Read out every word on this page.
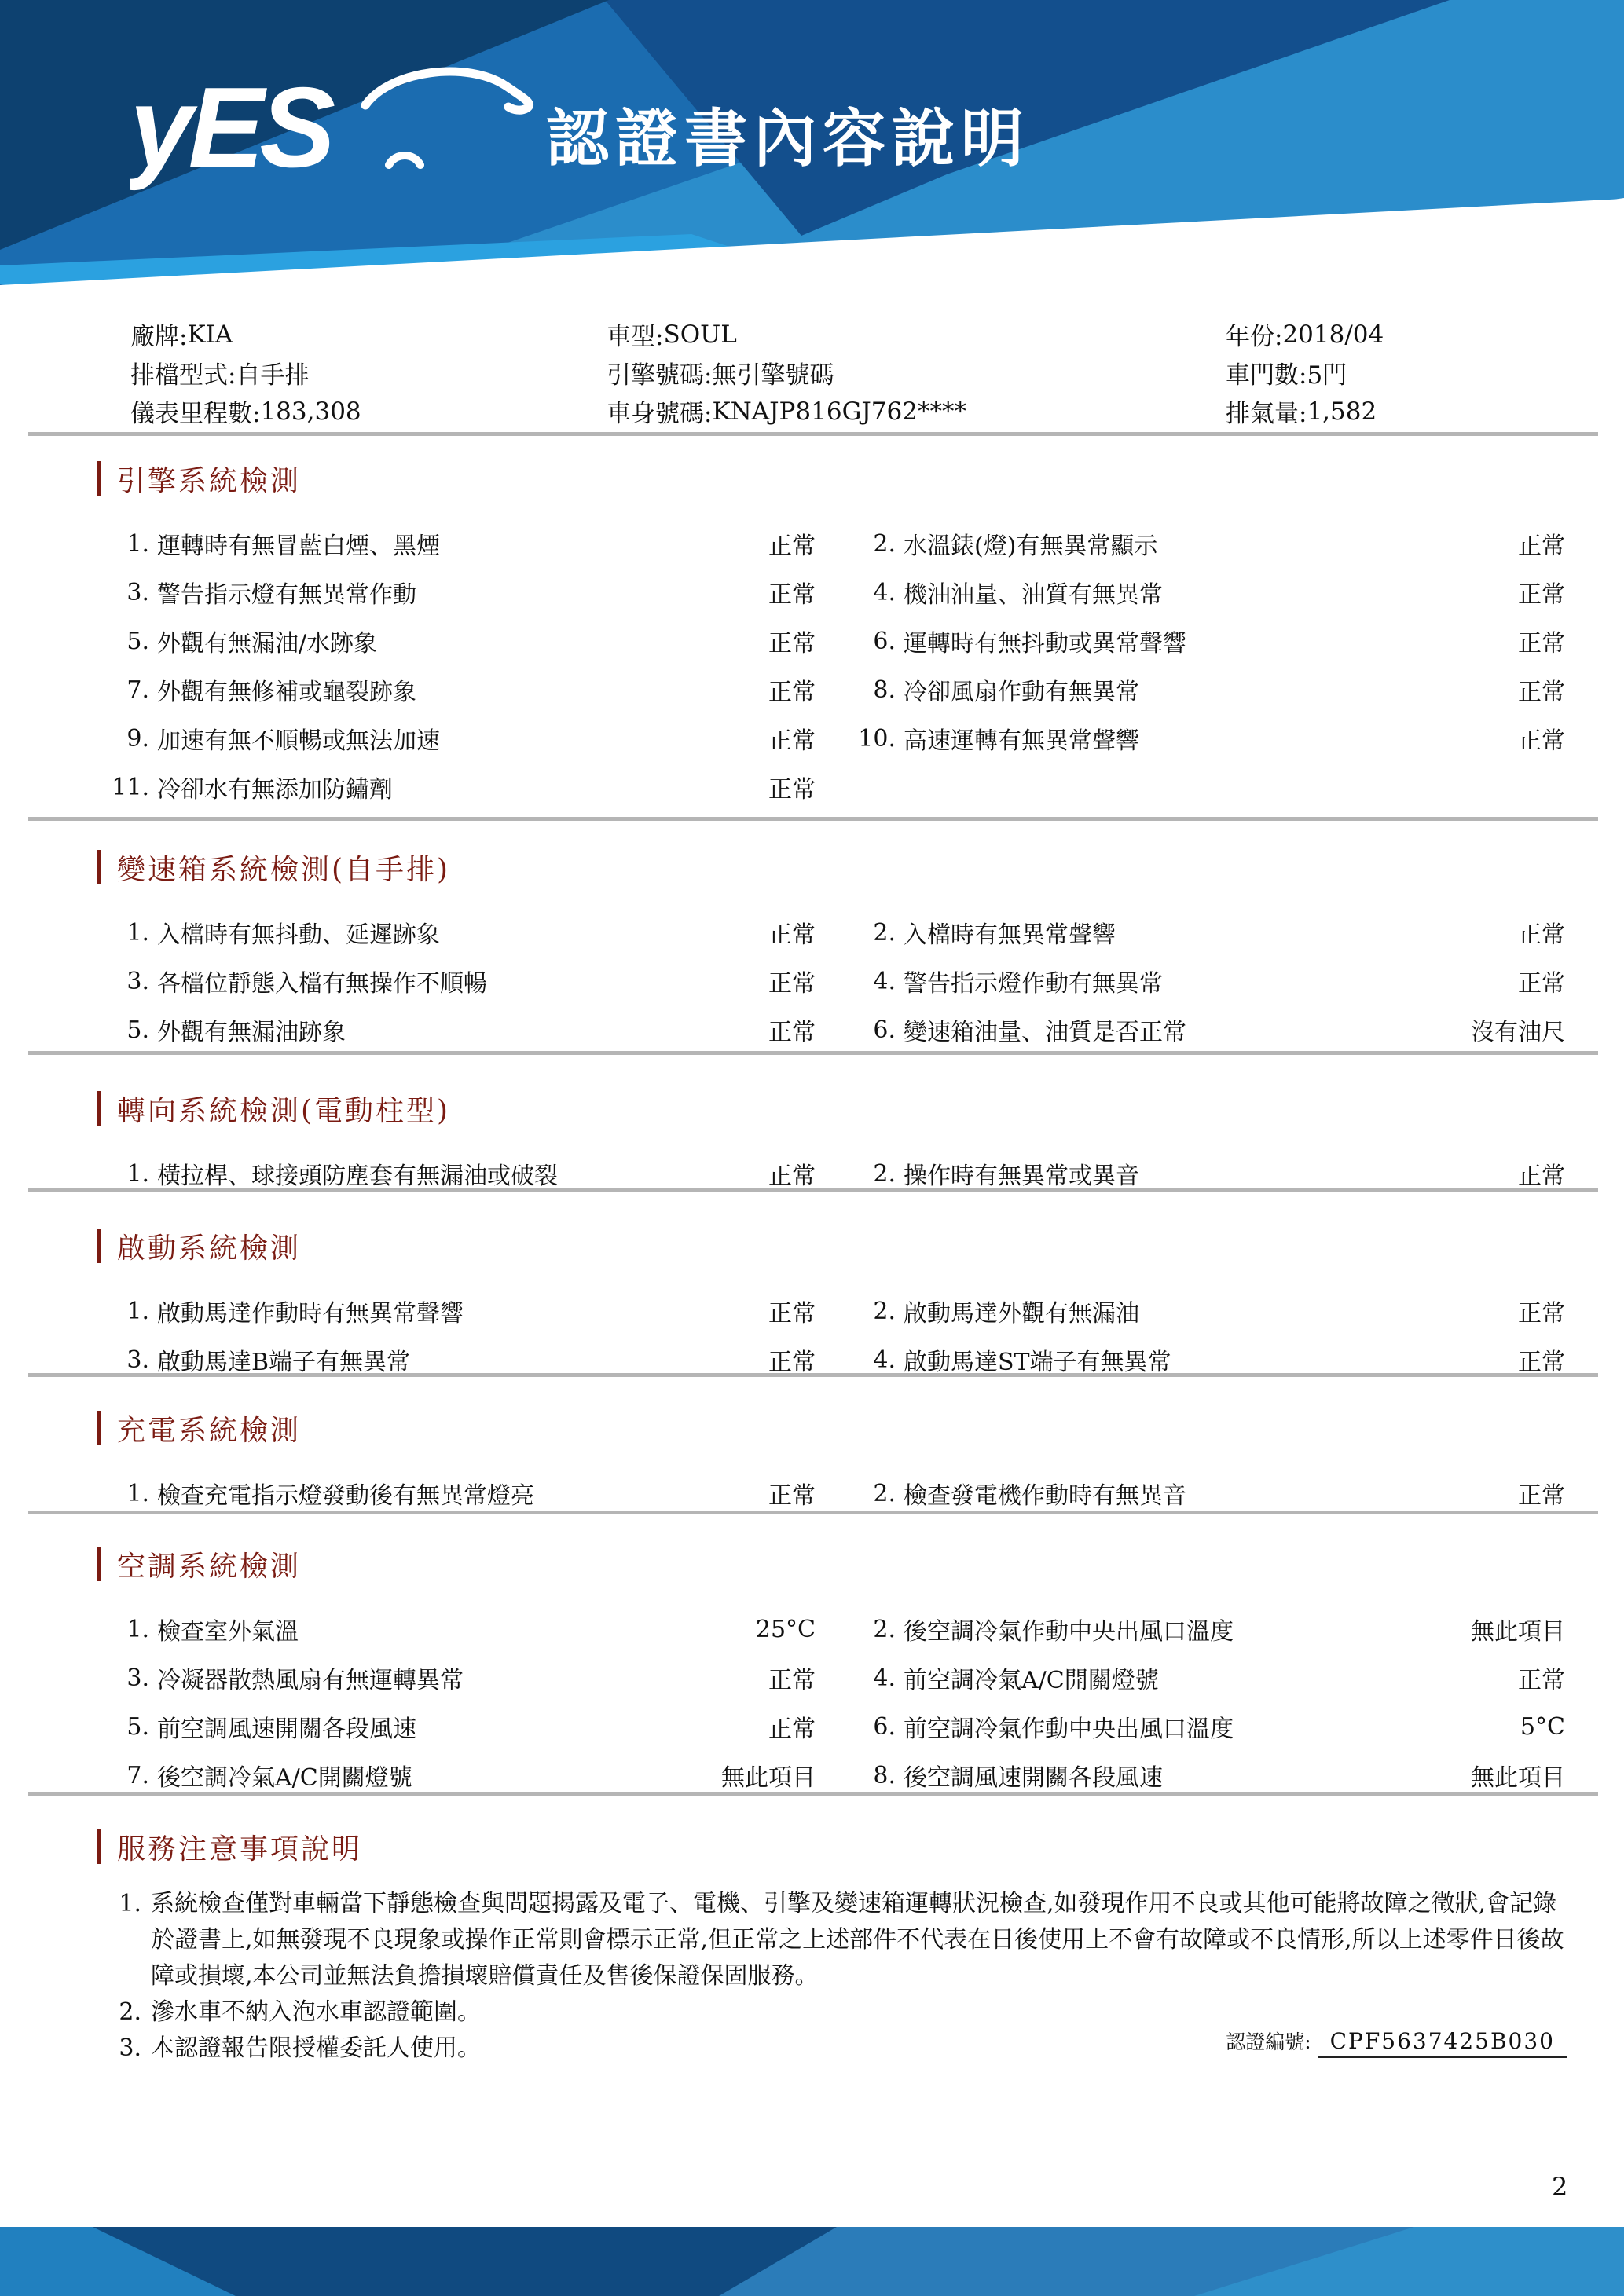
yES	認證書內容說明
廠牌: KIA	車型: SOUL	年份: 2018/04
排檔型式: 自手排	引擎號碼: 無引擎號碼	車門數: 5門
儀表里程數: 183,308	車身號碼: KNAJP816GJ762****	排氣量: 1,582
引擎系統檢測
1. 運轉時有無冒藍白煙、黑煙	正常	2. 水溫錶(燈)有無異常顯示	正常
3. 警告指示燈有無異常作動	正常	4. 機油油量、油質有無異常	正常
5. 外觀有無漏油/水跡象	正常	6. 運轉時有無抖動或異常聲響	正常
7. 外觀有無修補或龜裂跡象	正常	8. 冷卻風扇作動有無異常	正常
9. 加速有無不順暢或無法加速	正常	10. 高速運轉有無異常聲響	正常
11. 冷卻水有無添加防鏽劑	正常
變速箱系統檢測(自手排)
1. 入檔時有無抖動、延遲跡象	正常	2. 入檔時有無異常聲響	正常
3. 各檔位靜態入檔有無操作不順暢	正常	4. 警告指示燈作動有無異常	正常
5. 外觀有無漏油跡象	正常	6. 變速箱油量、油質是否正常	沒有油尺
轉向系統檢測(電動柱型)
1. 橫拉桿、球接頭防塵套有無漏油或破裂	正常	2. 操作時有無異常或異音	正常
啟動系統檢測
1. 啟動馬達作動時有無異常聲響	正常	2. 啟動馬達外觀有無漏油	正常
3. 啟動馬達B端子有無異常	正常	4. 啟動馬達ST端子有無異常	正常
充電系統檢測
1. 檢查充電指示燈發動後有無異常燈亮	正常	2. 檢查發電機作動時有無異音	正常
空調系統檢測
1. 檢查室外氣溫	25°C	2. 後空調冷氣作動中央出風口溫度	無此項目
3. 冷凝器散熱風扇有無運轉異常	正常	4. 前空調冷氣A/C開關燈號	正常
5. 前空調風速開關各段風速	正常	6. 前空調冷氣作動中央出風口溫度	5°C
7. 後空調冷氣A/C開關燈號	無此項目	8. 後空調風速開關各段風速	無此項目
服務注意事項說明
1. 系統檢查僅對車輛當下靜態檢查與問題揭露及電子、電機、引擎及變速箱運轉狀況檢查,如發現作用不良或其他可能將故障之徵狀,會記錄於證書上,如無發現不良現象或操作正常則會標示正常,但正常之上述部件不代表在日後使用上不會有故障或不良情形,所以上述零件日後故障或損壞,本公司並無法負擔損壞賠償責任及售後保證保固服務。
2. 滲水車不納入泡水車認證範圍。
3. 本認證報告限授權委託人使用。	認證編號: CPF5637425B030
2
